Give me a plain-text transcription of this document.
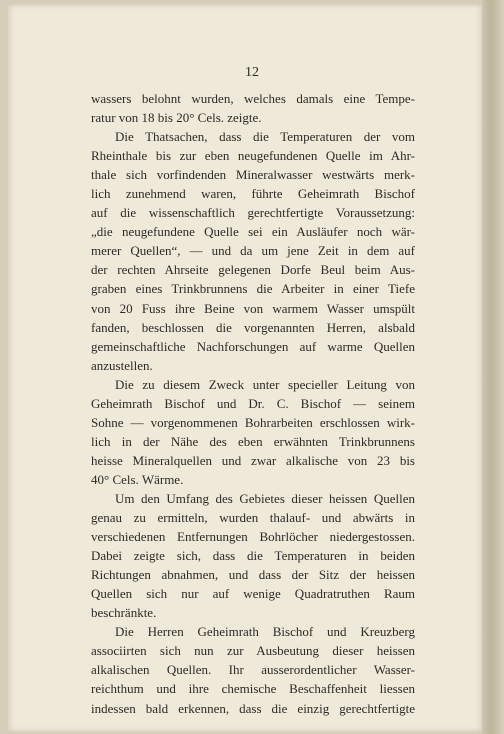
12
wassers belohnt wurden, welches damals eine Tempe-
ratur von 18 bis 20° Cels. zeigte.
Die Thatsachen, dass die Temperaturen der vom
Rheinthale bis zur eben neugefundenen Quelle im Ahr-
thale sich vorfindenden Mineralwasser westwärts merk-
lich zunehmend waren, führte Geheimrath Bischof
auf die wissenschaftlich gerechtfertigte Voraussetzung:
„die neugefundene Quelle sei ein Ausläufer noch wär-
merer Quellen“, — und da um jene Zeit in dem auf
der rechten Ahrseite gelegenen Dorfe Beul beim Aus-
graben eines Trinkbrunnens die Arbeiter in einer Tiefe
von 20 Fuss ihre Beine von warmem Wasser umspült
fanden, beschlossen die vorgenannten Herren, alsbald
gemeinschaftliche Nachforschungen auf warme Quellen
anzustellen.
Die zu diesem Zweck unter specieller Leitung von
Geheimrath Bischof und Dr. C. Bischof — seinem
Sohne — vorgenommenen Bohrarbeiten erschlossen wirk-
lich in der Nähe des eben erwähnten Trinkbrunnens
heisse Mineralquellen und zwar alkalische von 23 bis
40° Cels. Wärme.
Um den Umfang des Gebietes dieser heissen Quellen
genau zu ermitteln, wurden thalauf- und abwärts in
verschiedenen Entfernungen Bohrlöcher niedergestossen.
Dabei zeigte sich, dass die Temperaturen in beiden
Richtungen abnahmen, und dass der Sitz der heissen
Quellen sich nur auf wenige Quadratruthen Raum
beschränkte.
Die Herren Geheimrath Bischof und Kreuzberg
associirten sich nun zur Ausbeutung dieser heissen
alkalischen Quellen. Ihr ausserordentlicher Wasser-
reichthum und ihre chemische Beschaffenheit liessen
indessen bald erkennen, dass die einzig gerechtfertigte
